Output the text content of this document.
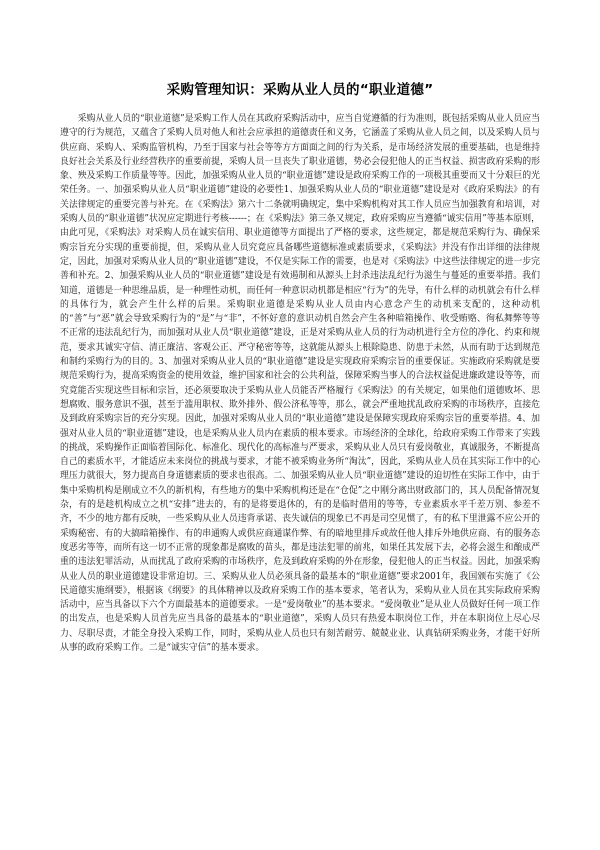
采购管理知识：采购从业人员的“职业道德”

采购从业人员的“职业道德”是采购工作人员在其政府采购活动中，应当自觉遵循的行为准则，既包括采购从业人员应当遵守的行为规范，又蕴含了采购人员对他人和社会应承担的道德责任和义务，它涵盖了采购从业人员之间，以及采购人员与供应商、采购人、采购监管机构，乃至于国家与社会等等方方面面之间的行为关系，是市场经济发展的重要基础，也是维持良好社会关系及行业经营秩序的重要前提，采购人员一旦丧失了职业道德，势必会侵犯他人的正当权益、损害政府采购的形象、殃及采购工作质量等等。因此，加强采购从业人员的“职业道德”建设是政府采购工作的一项极其重要而又十分艰巨的光荣任务。一、加强采购从业人员“职业道德”建设的必要性1、加强采购从业人员的“职业道德”建设是对《政府采购法》的有关法律规定的重要完善与补充。在《采购法》第六十二条就明确规定，集中采购机构对其工作人员应当加强教育和培训，对采购人员的“职业道德”状况应定期进行考核------；在《采购法》第三条又规定，政府采购应当遵循“诚实信用”等基本原则，由此可见，《采购法》对采购人员在诚实信用、职业道德等方面提出了严格的要求，这些规定，都是规范采购行为、确保采购宗旨充分实现的重要前提，但，采购从业人员究竟应具备哪些道德标准或素质要求，《采购法》并没有作出详细的法律规定，因此，加强对采购从业人员的“职业道德”建设，不仅是实际工作的需要，也是对《采购法》中这些法律规定的进一步完善和补充。2、加强采购从业人员的“职业道德”建设是有效遏制和从源头上封杀违法乱纪行为滋生与蔓延的重要举措。我们知道，道德是一种思维品质，是一种理性动机，而任何一种意识动机都是相应“行为”的先导，有什么样的动机就会有什么样的具体行为，就会产生什么样的后果。采购职业道德是采购从业人员由内心意念产生的动机来支配的，这种动机的“善”与“恶”就会导致采购行为的“是”与“非”，不怀好意的意识动机自然会产生各种暗箱操作、收受贿赂、徇私舞弊等等不正常的违法乱纪行为，而加强对从业人员“职业道德”建设，正是对采购从业人员的行为动机进行全方位的净化、约束和规范，要求其诚实守信、清正廉洁、客观公正、严守秘密等等，这就能从源头上根除隐患、防患于未然，从而有助于达到规范和制约采购行为的目的。3、加强对采购从业人员的“职业道德”建设是实现政府采购宗旨的重要保证。实施政府采购就是要规范采购行为，提高采购资金的使用效益，维护国家和社会的公共利益，保障采购当事人的合法权益促进廉政建设等等，而究竟能否实现这些目标和宗旨，还必须要取决于采购从业人员能否严格履行《采购法》的有关规定，如果他们道德败坏、思想腐败、服务意识不强，甚至于滥用职权、欺外排外、假公济私等等，那么，就会严重地扰乱政府采购的市场秩序，直接危及到政府采购宗旨的充分实现。因此，加强对采购从业人员的“职业道德”建设是保障实现政府采购宗旨的重要举措。4、加强对从业人员的“职业道德”建设，也是采购从业人员内在素质的根本要求。市场经济的全球化，给政府采购工作带来了实践的挑战，采购操作正面临着国际化、标准化、现代化的高标准与严要求，采购从业人员只有爱岗敬业，真诚服务，不断提高自己的素质水平，才能适应未来岗位的挑战与要求，才能不被采购业务所“淘汰”，因此，采购从业人员在其实际工作中的心理压力就很大，努力提高自身道德素质的要求也很高。二、加强采购从业人员“职业道德”建设的迫切性在实际工作中，由于集中采购机构是刚成立不久的新机构，有些地方的集中采购机构还是在“仓促”之中刚分离出财政部门的，其人员配备情况复杂，有的是趁机构成立之机“安排”进去的，有的是将要退休的，有的是临时借用的等等，专业素质水平千差万别、参差不齐，不少的地方都有反映，一些采购从业人员违背承诺、丧失诚信的现象已不再是司空见惯了，有的私下里泄露不应公开的采购秘密、有的大搞暗箱操作、有的串通购人或供应商通谋作弊、有的暗地里排斥或故任他人排斥外地供应商、有的服务态度恶劣等等，而所有这一切不正常的现象都是腐败的苗头，都是违法犯罪的前兆，如果任其发展下去，必将会滋生和酿成严重的违法犯罪活动，从而扰乱了政府采购的市场秩序，危及到政府采购的外在形象，侵犯他人的正当权益。因此，加强采购从业人员的职业道德建设非常迫切。三、采购从业人员必须具备的最基本的“职业道德”要求2001年，我国颁布实施了《公民道德实施纲要》，根据该《纲要》的具体精神以及政府采购工作的基本要求，笔者认为，采购从业人员在其实际政府采购活动中，应当具备以下六个方面最基本的道德要求。一是“爱岗敬业”的基本要求。“爱岗敬业”是从业人员做好任何一项工作的出发点，也是采购人员首先应当具备的最基本的“职业道德”，采购人员只有热爱本职岗位工作，并在本职岗位上尽心尽力、尽职尽责，才能全身投入采购工作，同时，采购从业人员也只有刻苦耐劳、兢兢业业、认真钻研采购业务，才能干好所从事的政府采购工作。二是“诚实守信”的基本要求。
